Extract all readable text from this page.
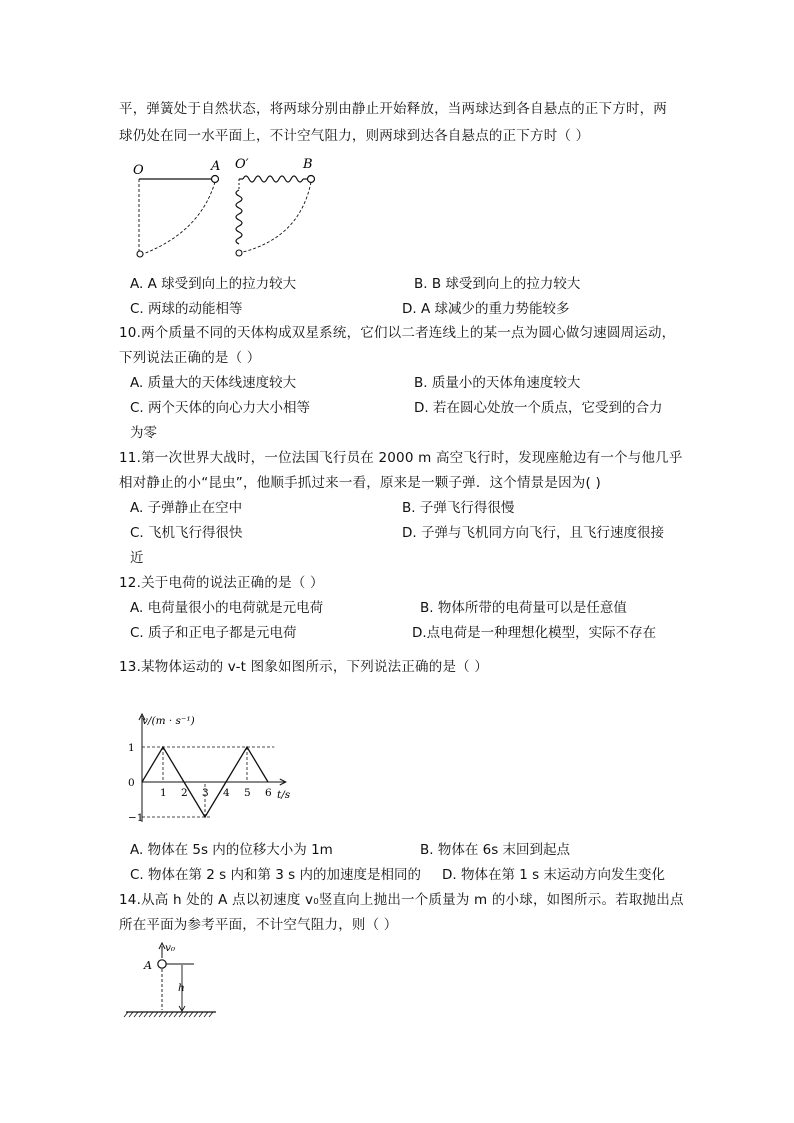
平，弹簧处于自然状态，将两球分别由静止开始释放，当两球达到各自悬点的正下方时，两
球仍处在同一水平面上，不计空气阻力，则两球到达各自悬点的正下方时（ ）
O	A O′	B
A. A 球受到向上的拉力较大	B. B 球受到向上的拉力较大
C. 两球的动能相等	D. A 球减少的重力势能较多
10.两个质量不同的天体构成双星系统，它们以二者连线上的某一点为圆心做匀速圆周运动，
下列说法正确的是（ ）
A. 质量大的天体线速度较大	B. 质量小的天体角速度较大
C. 两个天体的向心力大小相等	D. 若在圆心处放一个质点，它受到的合力
为零
11.第一次世界大战时，一位法国飞行员在 2000 m 高空飞行时，发现座舱边有一个与他几乎
相对静止的小“昆虫”，他顺手抓过来一看，原来是一颗子弹．这个情景是因为( )
A. 子弹静止在空中	B. 子弹飞行得很慢
C. 飞机飞行得很快	D. 子弹与飞机同方向飞行，且飞行速度很接
近
12.关于电荷的说法正确的是（ ）
A. 电荷量很小的电荷就是元电荷	B. 物体所带的电荷量可以是任意值
C. 质子和正电子都是元电荷	D.点电荷是一种理想化模型，实际不存在
13.某物体运动的 v-t 图象如图所示，下列说法正确的是（ ）
1
0
−1
1 2 3 4 5 6
v/(m · s⁻¹)
t/s
A. 物体在 5s 内的位移大小为 1m	B. 物体在 6s 末回到起点
C. 物体在第 2 s 内和第 3 s 内的加速度是相同的 D. 物体在第 1 s 末运动方向发生变化
14.从高 h 处的 A 点以初速度 v₀竖直向上抛出一个质量为 m 的小球，如图所示。若取抛出点
所在平面为参考平面，不计空气阻力，则（ ）
v₀
A
h
